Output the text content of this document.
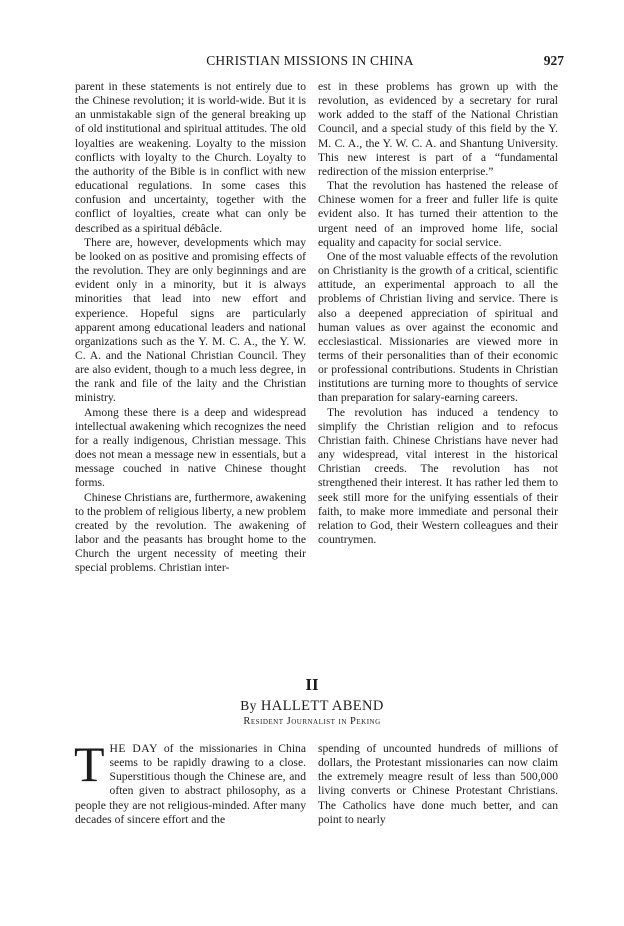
CHRISTIAN MISSIONS IN CHINA	927

parent in these statements is not entirely due to the Chinese revolution; it is world-wide. But it is an unmistakable sign of the general breaking up of old institutional and spiritual attitudes. The old loyalties are weakening. Loyalty to the mission conflicts with loyalty to the Church. Loyalty to the authority of the Bible is in conflict with new educational regulations. In some cases this confusion and uncertainty, together with the conflict of loyalties, create what can only be described as a spiritual débâcle.

There are, however, developments which may be looked on as positive and promising effects of the revolution. They are only beginnings and are evident only in a minority, but it is always minorities that lead into new effort and experience. Hopeful signs are particularly apparent among educational leaders and national organizations such as the Y. M. C. A., the Y. W. C. A. and the National Christian Council. They are also evident, though to a much less degree, in the rank and file of the laity and the Christian ministry.

Among these there is a deep and widespread intellectual awakening which recognizes the need for a really indigenous, Christian message. This does not mean a message new in essentials, but a message couched in native Chinese thought forms.

Chinese Christians are, furthermore, awakening to the problem of religious liberty, a new problem created by the revolution. The awakening of labor and the peasants has brought home to the Church the urgent necessity of meeting their special problems. Christian inter-

est in these problems has grown up with the revolution, as evidenced by a secretary for rural work added to the staff of the National Christian Council, and a special study of this field by the Y. M. C. A., the Y. W. C. A. and Shantung University. This new interest is part of a “fundamental redirection of the mission enterprise.”

That the revolution has hastened the release of Chinese women for a freer and fuller life is quite evident also. It has turned their attention to the urgent need of an improved home life, social equality and capacity for social service.

One of the most valuable effects of the revolution on Christianity is the growth of a critical, scientific attitude, an experimental approach to all the problems of Christian living and service. There is also a deepened appreciation of spiritual and human values as over against the economic and ecclesiastical. Missionaries are viewed more in terms of their personalities than of their economic or professional contributions. Students in Christian institutions are turning more to thoughts of service than preparation for salary-earning careers.

The revolution has induced a tendency to simplify the Christian religion and to refocus Christian faith. Chinese Christians have never had any widespread, vital interest in the historical Christian creeds. The revolution has not strengthened their interest. It has rather led them to seek still more for the unifying essentials of their faith, to make more immediate and personal their relation to God, their Western colleagues and their countrymen.

II
By HALLETT ABEND
Resident Journalist in Peking

THE DAY of the missionaries in China seems to be rapidly drawing to a close. Superstitious though the Chinese are, and often given to abstract philosophy, as a people they are not religious-minded. After many decades of sincere effort and the

spending of uncounted hundreds of millions of dollars, the Protestant missionaries can now claim the extremely meagre result of less than 500,000 living converts or Chinese Protestant Christians. The Catholics have done much better, and can point to nearly
